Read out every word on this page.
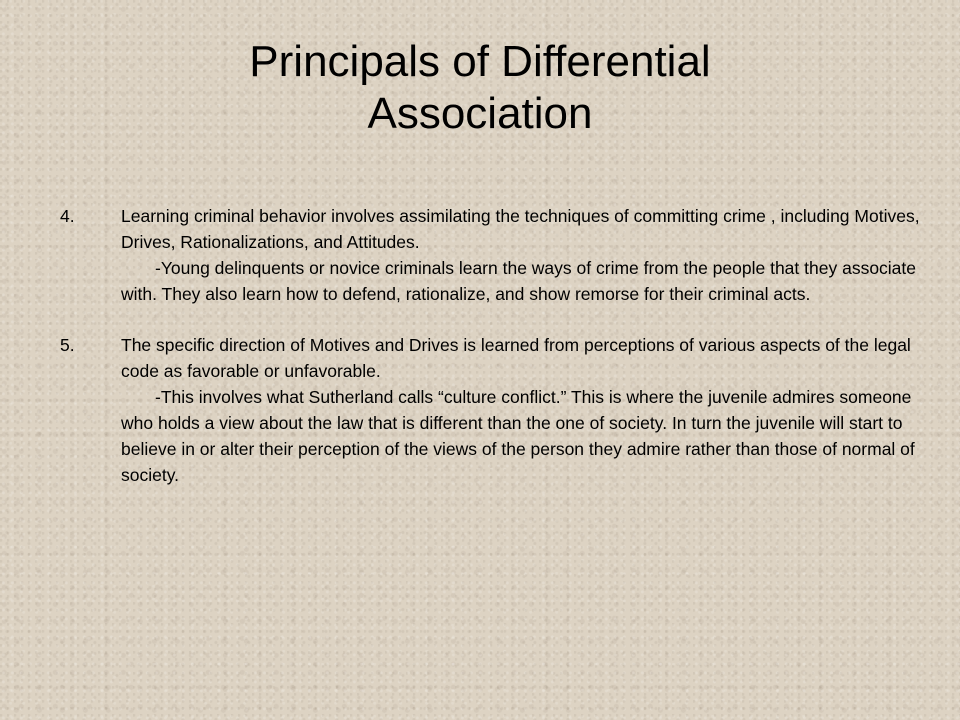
Principals of Differential
Association
4.	Learning criminal behavior involves assimilating the techniques of committing crime , including Motives, Drives, Rationalizations, and Attitudes.
-Young delinquents or novice criminals learn the ways of crime from the people that they associate with. They also learn how to defend, rationalize, and show remorse for their criminal acts.
5.	The specific direction of Motives and Drives is learned from perceptions of various aspects of the legal code as favorable or unfavorable.
-This involves what Sutherland calls “culture conflict.” This is where the juvenile admires someone who holds a view about the law that is different than the one of society. In turn the juvenile will start to believe in or alter their perception of the views of the person they admire rather than those of normal of society.
